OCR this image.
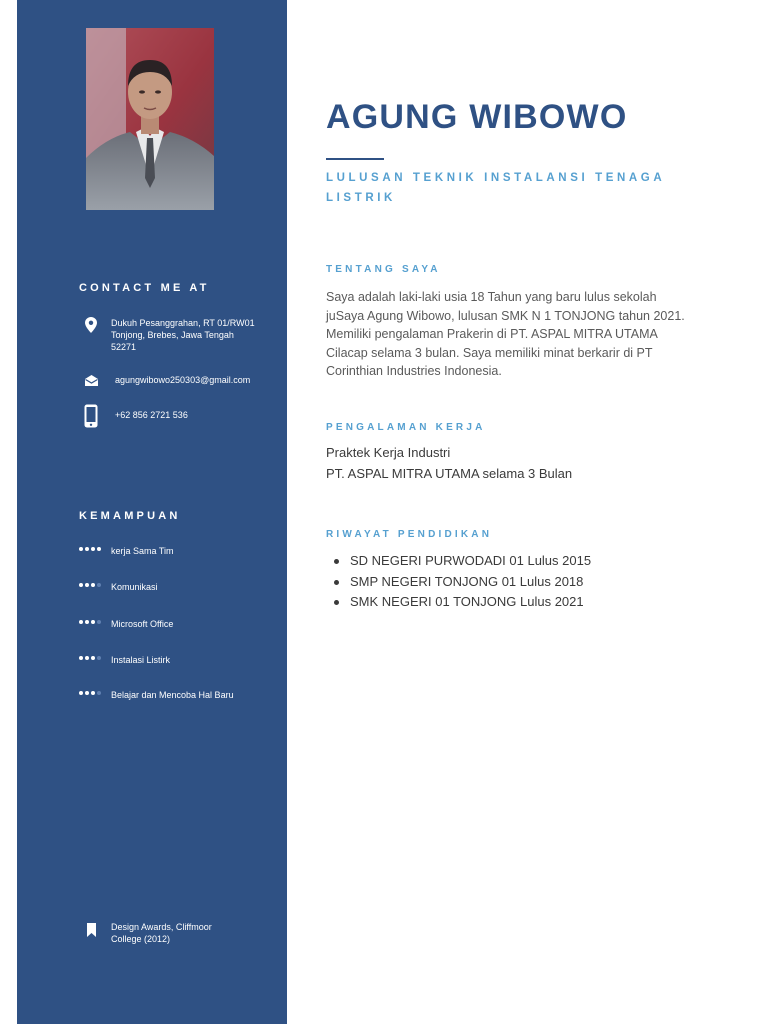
CONTACT ME AT
Dukuh Pesanggrahan, RT 01/RW01 Tonjong, Brebes, Jawa Tengah 52271
agungwibowo250303@gmail.com
+62 856 2721 536
KEMAMPUAN
kerja Sama Tim
Komunikasi
Microsoft Office
Instalasi Listirk
Belajar dan Mencoba Hal Baru
Design Awards, Cliffmoor College (2012)
AGUNG WIBOWO
LULUSAN TEKNIK INSTALANSI TENAGA LISTRIK
TENTANG SAYA
Saya adalah laki-laki usia 18 Tahun yang baru lulus sekolah juSaya Agung Wibowo, lulusan SMK N 1 TONJONG tahun 2021. Memiliki pengalaman Prakerin di PT. ASPAL MITRA UTAMA Cilacap selama 3 bulan. Saya memiliki minat berkarir di PT Corinthian Industries Indonesia.
PENGALAMAN KERJA
Praktek Kerja Industri
PT. ASPAL MITRA UTAMA selama 3 Bulan
RIWAYAT PENDIDIKAN
SD NEGERI PURWODADI 01 Lulus 2015
SMP NEGERI TONJONG 01 Lulus 2018
SMK NEGERI 01 TONJONG Lulus 2021
